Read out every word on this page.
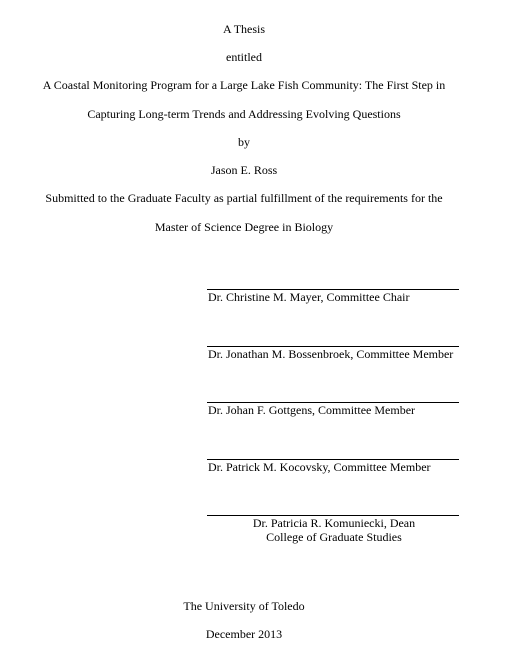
A Thesis
entitled
A Coastal Monitoring Program for a Large Lake Fish Community: The First Step in
Capturing Long-term Trends and Addressing Evolving Questions
by
Jason E. Ross
Submitted to the Graduate Faculty as partial fulfillment of the requirements for the
Master of Science Degree in Biology
Dr. Christine M. Mayer, Committee Chair
Dr. Jonathan M. Bossenbroek, Committee Member
Dr. Johan F. Gottgens, Committee Member
Dr. Patrick M. Kocovsky, Committee Member
Dr. Patricia R. Komuniecki, Dean
College of Graduate Studies
The University of Toledo
December 2013
